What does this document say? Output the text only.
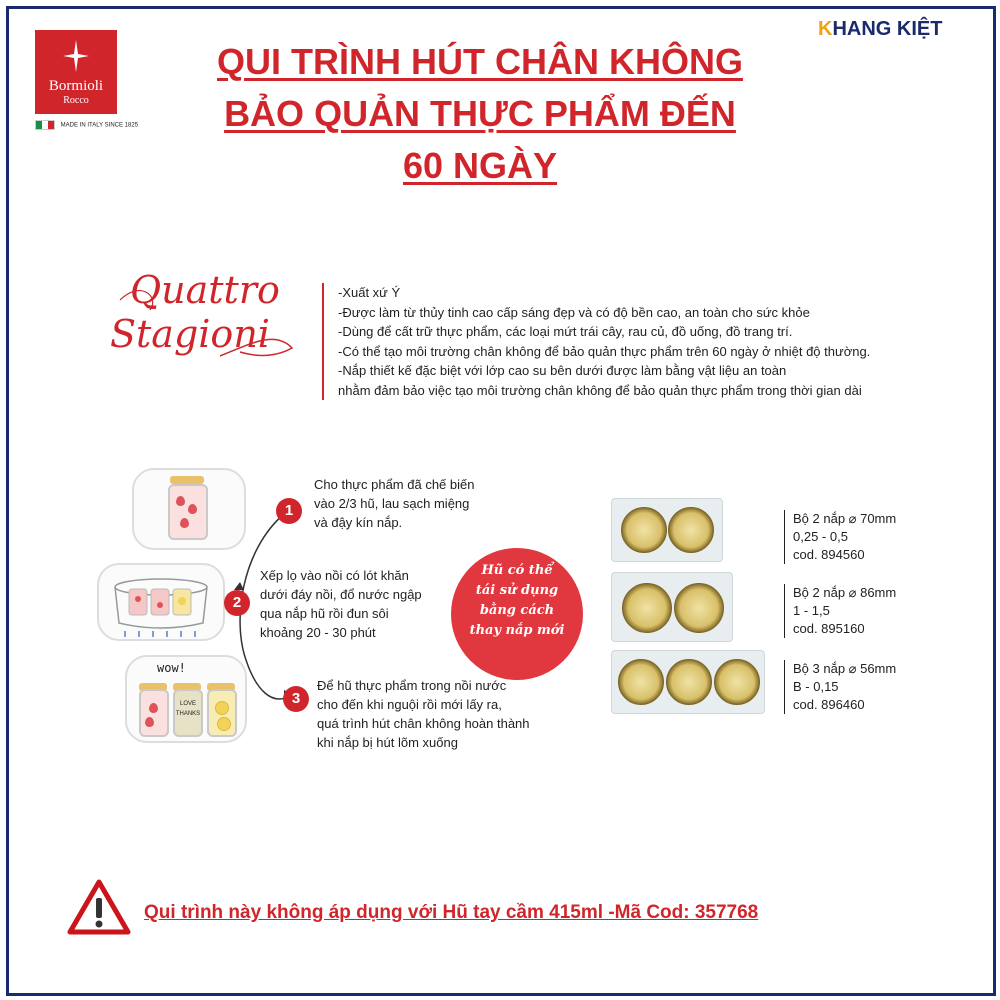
Bormioli
Rocco
MADE IN ITALY SINCE 1825
QUI TRÌNH HÚT CHÂN KHÔNG
BẢO QUẢN THỰC PHẨM ĐẾN
60 NGÀY
KHANG KIỆT
Quattro
Stagioni
-Xuất xứ Ý
-Được làm từ thủy tinh cao cấp sáng đẹp và có độ bền cao, an toàn cho sức khỏe
-Dùng để cất trữ thực phẩm, các loại mứt trái cây, rau củ, đồ uống, đồ trang trí.
-Có thể tạo môi trường chân không để bảo quản thực phẩm trên 60 ngày ở nhiệt độ thường.
-Nắp thiết kế đặc biệt với lớp cao su bên dưới được làm bằng vật liệu an toàn
nhằm đảm bảo việc tạo môi trường chân không để bảo quản thực phẩm trong thời gian dài
wow!
LOVE
THANKS
1
2
3
Cho thực phẩm đã chế biến
vào 2/3 hũ, lau sạch miệng
và đậy kín nắp.
Xếp lọ vào nồi có lót khăn
dưới đáy nồi, đổ nước ngập
qua nắp hũ rồi đun sôi
khoảng 20 - 30 phút
Để hũ thực phẩm trong nồi nước
cho đến khi nguội rồi mới lấy ra,
quá trình hút chân không hoàn thành
khi nắp bị hút lõm xuống
Hũ có thể
tái sử dụng
bằng cách
thay nắp mới
Bộ 2 nắp ⌀ 70mm
0,25 - 0,5
cod. 894560
Bộ 2 nắp ⌀ 86mm
1 - 1,5
cod. 895160
Bộ 3 nắp ⌀ 56mm
B - 0,15
cod. 896460
Qui trình này không áp dụng với Hũ tay cầm 415ml -Mã Cod: 357768
